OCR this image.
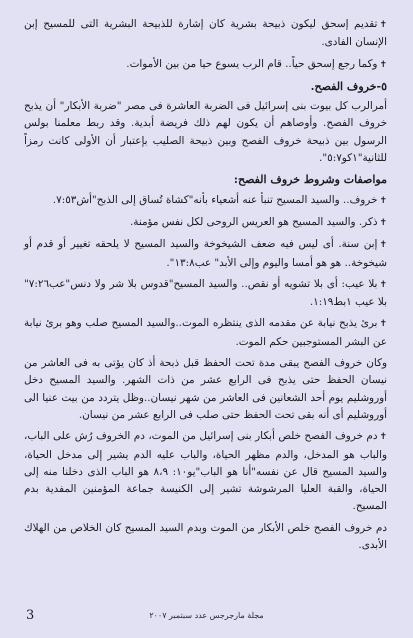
✝تقديم إسحق ليكون ذبيحة بشرية كان إشارة للذبيحة البشرية التى للمسيح إبن الإنسان الفادى.

✝وكما رجع إسحق حياً.. قام الرب يسوع حيا من بين الأموات.

٥-خروف الفصح.

أمرالرب كل بيوت بنى إسرائيل فى الضربة العاشرة فى مصر "ضربة الأبكار" أن يذبح خروف الفصح. وأوصاهم أن يكون لهم ذلك فريضة أبدية. وقد ربط معلمنا بولس الرسول بين ذبيحة خروف الفصح وبين ذبيحة الصليب بإعتبار أن الأولى كانت رمزاً للثانية"١كو٥:٧".

مواصفات وشروط خروف الفصح:

✝خروف.. والسيد المسيح تنبأ عنه أشعياء بأنه"كشاة تُساق إلى الذبح"أش٧:٥٣.

✝ذكر. والسيد المسيح هو العريس الروحى لكل نفس مؤمنة.

✝إبن سنة. أى ليس فيه ضعف الشيخوخة والسيد المسيح لا يلحقه تغيير أو قدم أو شيخوخة.. هو هو أمسا واليوم وإلى الأبد" عب١٣:٨".

✝بلا عيب: أى بلا تشويه أو نقص.. والسيد المسيح"قدوس بلا شر ولا دنس"عب٧:٢٦" بلا عيب ١بط١:١٩.

✝برئ يذبح نيابة عن مقدمه الذى ينتظره الموت..والسيد المسيح صلب وهو برئ نيابة عن البشر المستوجبين حكم الموت.

وكان خروف الفصح يبقى مدة تحت الحفظ قبل ذبحة أذ كان يؤتى به فى العاشر من نيسان الحفظ حتى يذبح فى الرابع عشر من ذات الشهر. والسيد المسيح دخل أوروشليم يوم أحد الشعانين فى العاشر من شهر نيسان..وظل يتردد من بيت عنيا الى أوروشليم أى أنه بقى تحت الحفظ حتى صلب فى الرابع عشر من نيسان.

✝دم خروف الفصح خلص أبكار بنى إسرائيل من الموت، دم الخروف رُش على الباب، والباب هو المدخل، والدم مظهر الحياة، والباب عليه الدم يشير إلى مدخل الحياة، والسيد المسيح قال عن نفسه"أنا هو الباب"يو١٠: ٨،٩ هو الباب الذى دخلنا منه إلى الحياة، والقبة العليا المرشوشة تشير إلى الكنيسة جماعة المؤمنين المفدية بدم المسيح.

دم خروف الفصح خلص الأبكار من الموت وبدم السيد المسيح كان الخلاص من الهلاك الأبدى.

مجلة مارجرجس عدد سبتمبر ٢٠٠٧
3
